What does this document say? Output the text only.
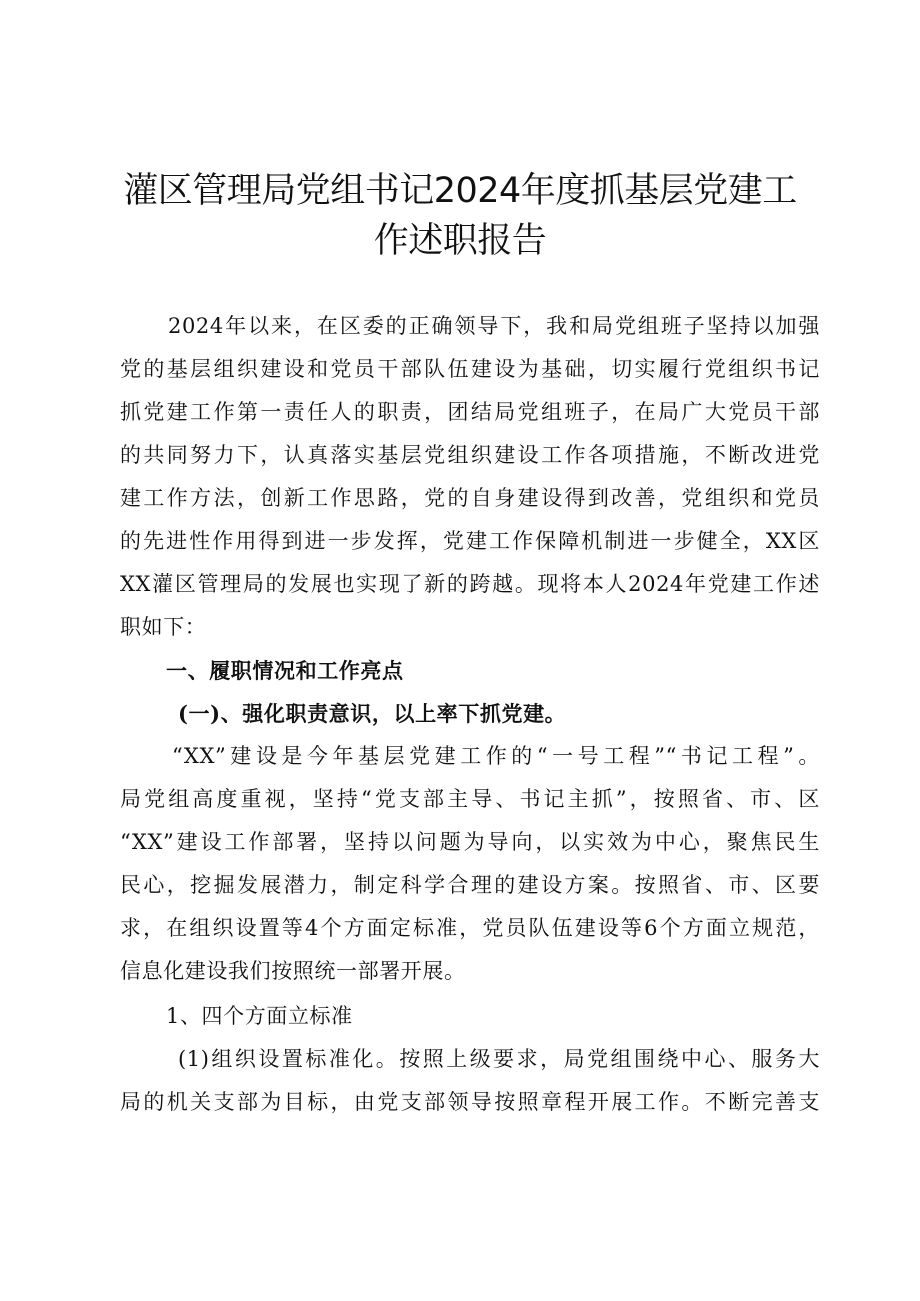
灌区管理局党组书记2024年度抓基层党建工
作述职报告
2024年以来，在区委的正确领导下，我和局党组班子坚持以加强
党的基层组织建设和党员干部队伍建设为基础，切实履行党组织书记
抓党建工作第一责任人的职责，团结局党组班子，在局广大党员干部
的共同努力下，认真落实基层党组织建设工作各项措施，不断改进党
建工作方法，创新工作思路，党的自身建设得到改善，党组织和党员
的先进性作用得到进一步发挥，党建工作保障机制进一步健全，XX区
XX灌区管理局的发展也实现了新的跨越。现将本人2024年党建工作述
职如下：
一、履职情况和工作亮点
(一)、强化职责意识，以上率下抓党建。
“XX”建设是今年基层党建工作的“一号工程”“书记工程”。
局党组高度重视，坚持“党支部主导、书记主抓”，按照省、市、区
“XX”建设工作部署，坚持以问题为导向，以实效为中心，聚焦民生
民心，挖掘发展潜力，制定科学合理的建设方案。按照省、市、区要
求，在组织设置等4个方面定标准，党员队伍建设等6个方面立规范，
信息化建设我们按照统一部署开展。
1、四个方面立标准
(1)组织设置标准化。按照上级要求，局党组围绕中心、服务大
局的机关支部为目标，由党支部领导按照章程开展工作。不断完善支
